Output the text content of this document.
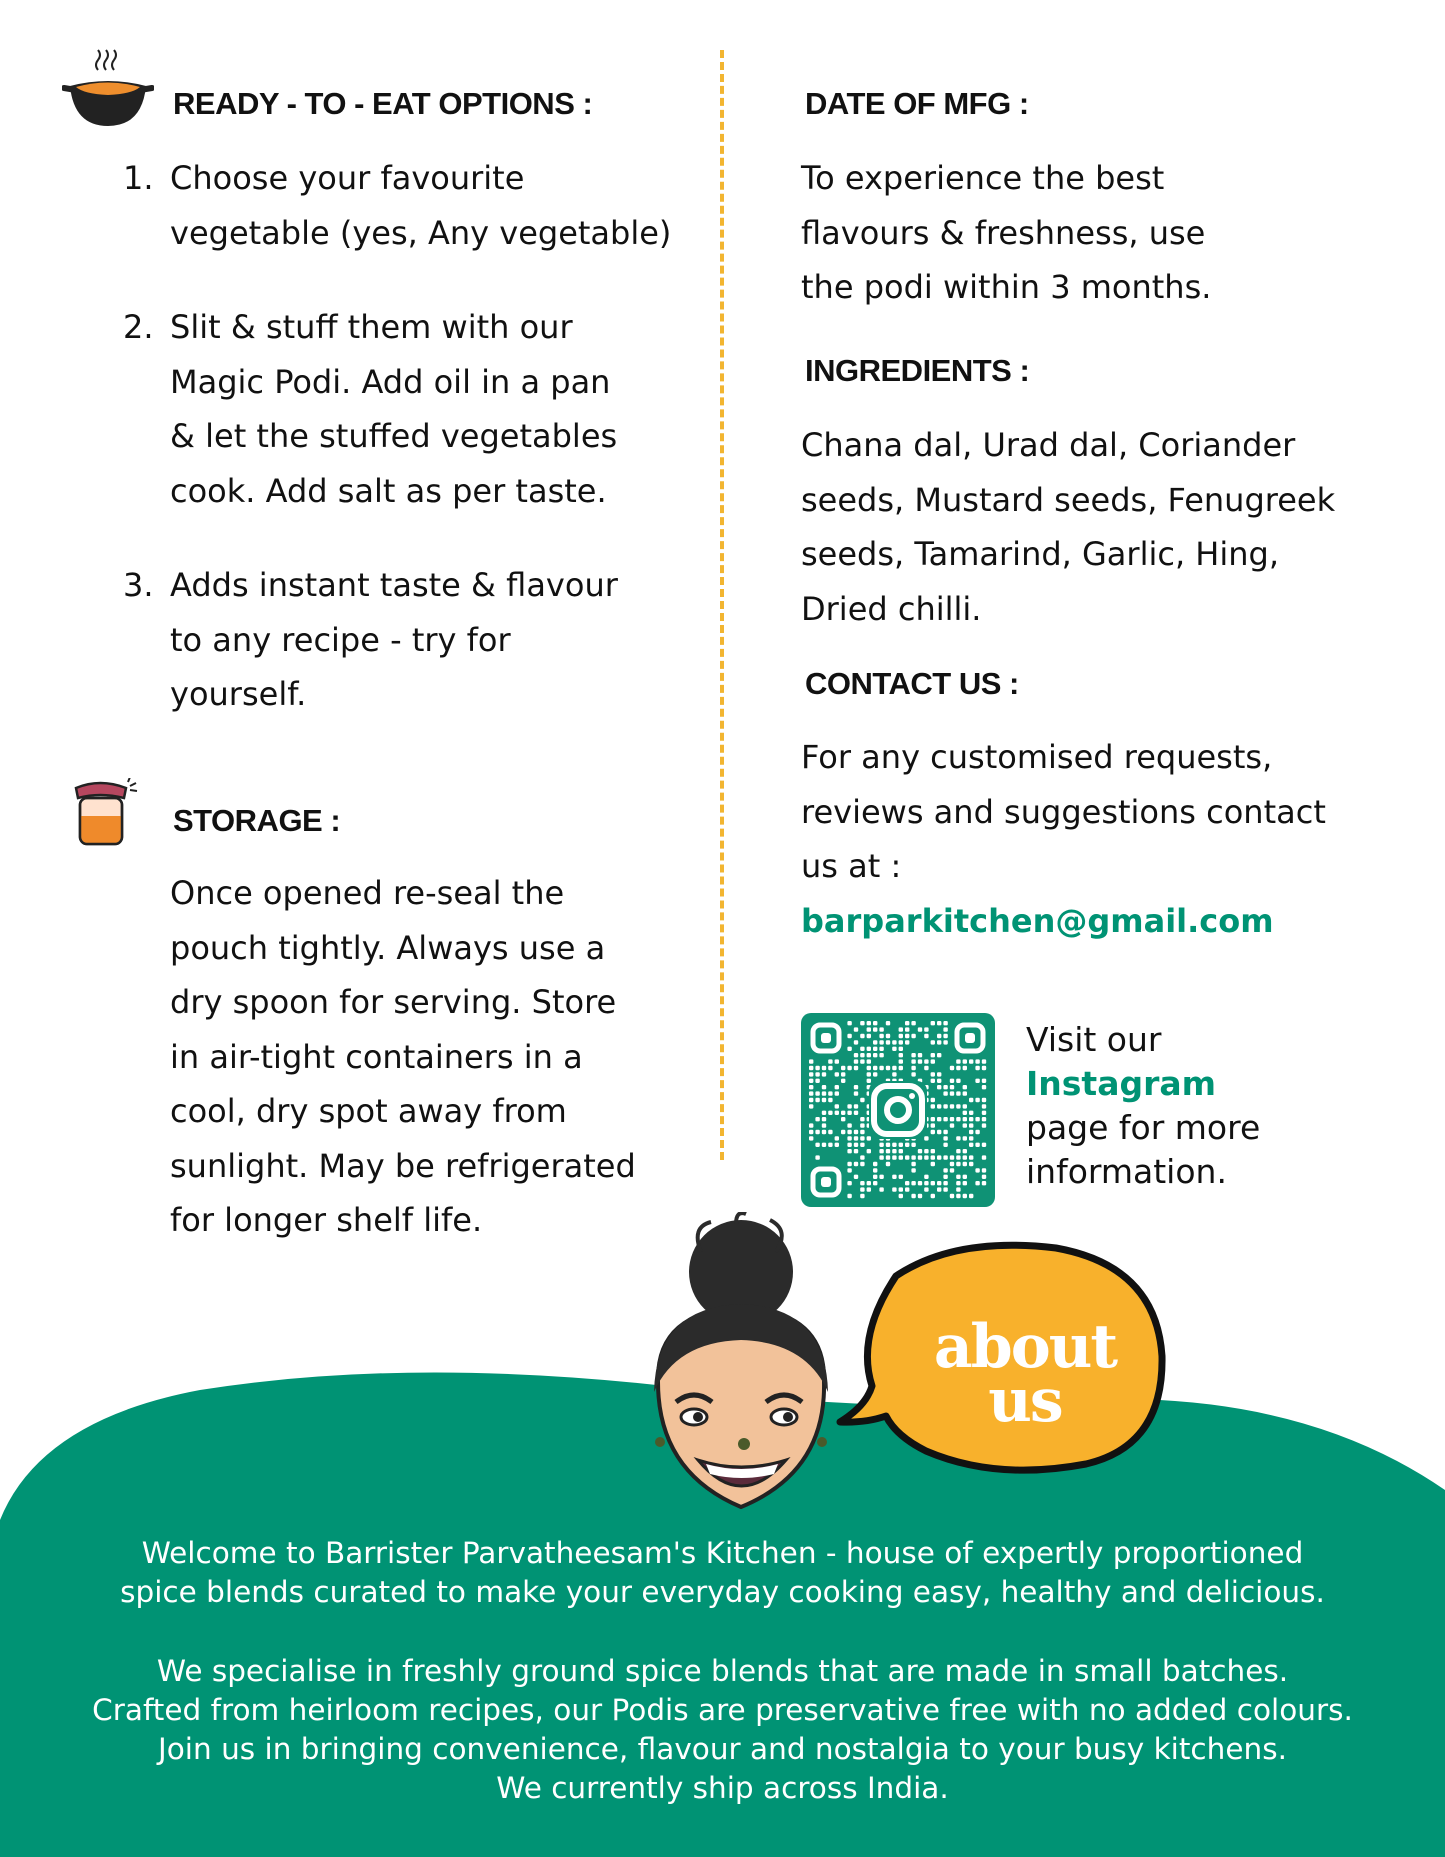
READY - TO - EAT OPTIONS :
1. Choose your favourite
vegetable (yes, Any vegetable)
2. Slit & stuff them with our
Magic Podi. Add oil in a pan
& let the stuffed vegetables
cook. Add salt as per taste.
3. Adds instant taste & flavour
to any recipe - try for
yourself.
STORAGE :
Once opened re-seal the
pouch tightly. Always use a
dry spoon for serving. Store
in air-tight containers in a
cool, dry spot away from
sunlight. May be refrigerated
for longer shelf life.
DATE OF MFG :
To experience the best
flavours & freshness, use
the podi within 3 months.
INGREDIENTS :
Chana dal, Urad dal, Coriander
seeds, Mustard seeds, Fenugreek
seeds, Tamarind, Garlic, Hing,
Dried chilli.
CONTACT US :
For any customised requests,
reviews and suggestions contact
us at :
barparkitchen@gmail.com
Visit our
Instagram
page for more
information.
about
us

Welcome to Barrister Parvatheesam's Kitchen - house of expertly proportioned

spice blends curated to make your everyday cooking easy, healthy and delicious.

We specialise in freshly ground spice blends that are made in small batches.

Crafted from heirloom recipes, our Podis are preservative free with no added colours.

Join us in bringing convenience, flavour and nostalgia to your busy kitchens.

We currently ship across India.
